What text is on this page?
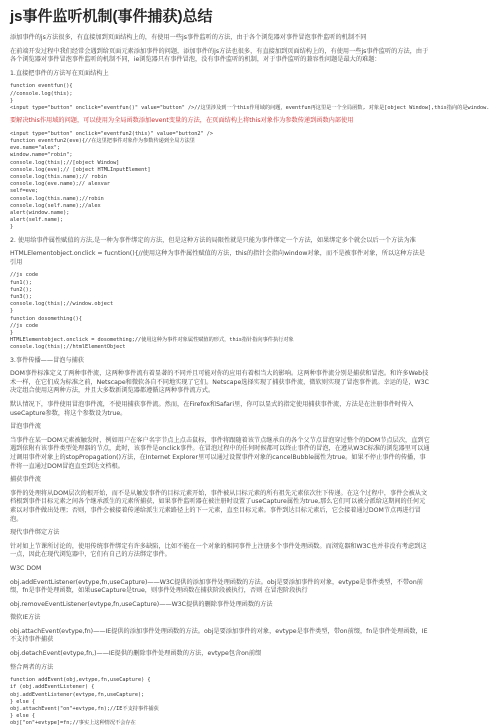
js事件监听机制(事件捕获)总结
添加事件的js方法很多，有直接加到页面结构上的，有使用一些js事件监听的方法，由于各个浏览器对事件冒泡事件监听的机制不同
在前端开发过程中我们经常会遇到给页面元素添加事件的问题，添加事件的js方法也很多，有直接加到页面结构上的，有使用一些js事件监听的方法，由于各个浏览器对事件冒泡事件监听的机制不同，ie浏览器只有事件冒泡，没有事件监听的机制，对于事件监听的兼容性问题是最大的难题：
1.直接把事件的方法写在页面结构上
function eventfun(){
//console.log(this);
}
<input type="button" onclick="eventfun()" value="button" />//这里涉及到一个this作用域的问题，eventfun再这里是一个全局函数, 对象是[object Window],this指向的是window.
要解决this作用域的问题，可以使用为全局函数添加event变量的方法，在页面结构上将this对象作为参数传递到函数内部使用
<input type="button" onclick="eventfun2(this)" value="button2" />
function eventfun2(eve){//在这里把事件对象作为参数传递到全局方法里
eve.name="alex";
window.name="robin";
console.log(this);//[object Window]
console.log(eve);// [object HTMLInputElement]
console.log(this.name);// robin
console.log(eve.name);// alexvar
self=eve;
console.log(this.name);//robin
console.log(self.name);//alex
alert(window.name);
alert(self.name);
}
2. 使用给事件属性赋值的方法,是一种为事件绑定的方法，但是这种方法的局限性就是只能为事件绑定一个方法，如果绑定多个就会以后一个方法为准
HTMLElementobject.onclick = fucntion(){//使用这种为事件属性赋值的方法，this的指针会指向window对象，而不是被事件对象，所以这种方法是引用
//js code
fun1();
fun2();
fun3();
console.log(this);//window.object
}
function dosomething(){
//js code
}
HTMLElementobject.onclick = dosomething;//使用这种为事件对象属性赋值的形式，this指针指向事件执行对象
console.log(this);//htmlElementObject
3.事件传播——冒泡与捕获
DOM事件标准定义了两种事件流，这两种事件流有着显著的不同并且可能对你的应用有着相当大的影响。这两种事件流分别是捕获和冒泡。和许多Web技术一样，在它们成为标准之前，Netscape和微软各自不同地实现了它们。Netscape选择实现了捕获事件流，微软则实现了冒泡事件流。幸运的是，W3C决定组合使用这两种方法，并且大多数新浏览器都遵循这两种事件流方式。
默认情况下，事件使用冒泡事件流，不使用捕获事件流。然而，在Firefox和Safari里，你可以显式的指定使用捕获事件流，方法是在注册事件时传入useCapture参数，将这个参数设为true。
冒泡事件流
当事件在某一DOM元素被触发时，例如用户在客户名字节点上点击鼠标，事件将跟随着该节点继承自的各个父节点冒泡穿过整个的DOM节点层次，直到它遇到依附有该事件类型处理器的节点，此时，该事件是onclick事件。在冒泡过程中的任何时候都可以终止事件的冒泡，在遵从W3C标准的浏览器里可以通过调用事件对象上的stopPropagation()方法，在Internet Explorer里可以通过设置事件对象的cancelBubble属性为true。如果不停止事件的传播，事件将一直通过DOM冒泡直至到达文档根。
捕获事件流
事件的处理将从DOM层次的根开始，而不是从触发事件的目标元素开始，事件被从目标元素的所有祖先元素依次往下传递。在这个过程中，事件会被从文档根到事件目标元素之间各个继承派生的元素所捕获，如果事件监听器在被注册时设置了useCapture属性为true,那么它们可以被分派给这期间的任何元素以对事件做出处理；否则，事件会被接着传递给派生元素路径上的下一元素，直至目标元素。事件到达目标元素后，它会接着通过DOM节点再进行冒泡。
现代事件绑定方法
针对如上节课所讨论的，使用传统事件绑定有许多缺陷，比如不能在一个对象的相同事件上注册多个事件处理函数。而浏览器和W3C也并非没有考虑到这一点，因此在现代浏览器中，它们有自己的方法绑定事件。
W3C DOM
obj.addEventListener(evtype,fn,useCapture)——W3C提供的添加事件处理函数的方法。obj是要添加事件的对象，evtype是事件类型，不带on前缀，fn是事件处理函数，如果useCapture是true，则事件处理函数在捕获阶段被执行，否则 在冒泡阶段执行
obj.removeEventListener(evtype,fn,useCapture)——W3C提供的删除事件处理函数的方法
微软IE方法
obj.attachEvent(evtype,fn)——IE提供的添加事件处理函数的方法。obj是要添加事件的对象，evtype是事件类型，带on前缀，fn是事件处理函数，IE不支持事件捕获
obj.detachEvent(evtype,fn,)——IE提供的删除事件处理函数的方法，evtype包含on前缀
整合两者的方法
function addEvent(obj,evtype,fn,useCapture) {
if (obj.addEventListener) {
obj.addEventListener(evtype,fn,useCapture);
} else {
obj.attachEvent("on"+evtype,fn);//IE不支持事件捕获
} else {
obj["on"+evtype]=fn;//事实上这种情况不会存在
